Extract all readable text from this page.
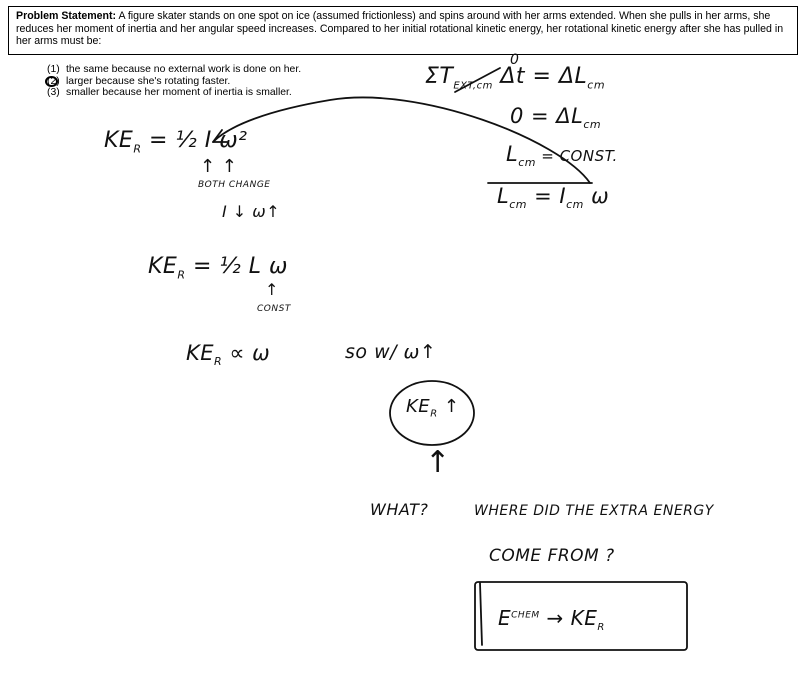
Problem Statement: A figure skater stands on one spot on ice (assumed frictionless) and spins around with her arms extended. When she pulls in her arms, she reduces her moment of inertia and her angular speed increases. Compared to her initial rotational kinetic energy, her rotational kinetic energy after she has pulled in her arms must be:
(1) the same because no external work is done on her.
(2) larger because she's rotating faster.
(3) smaller because her moment of inertia is smaller.
$\Sigma T_{EXT,cm}$ $\Delta t = \Delta L_{cm}$
0
$0 = \Delta L_{cm}$
$L_{cm}$ = CONST.
$L_{cm} = I_{cm}$ ω
$KE_R$ = ½ I ω²
↑ ↑
BOTH CHANGE
I ↓ ω↑
$KE_R$ = ½ L ω
↑
CONST
$KE_R \propto \omega$	so w/ ω↑
$KE_R$ ↑
↑
WHAT?	WHERE DID THE EXTRA ENERGY
COME FROM ?
$E^{CHEM} \to KE_R$
